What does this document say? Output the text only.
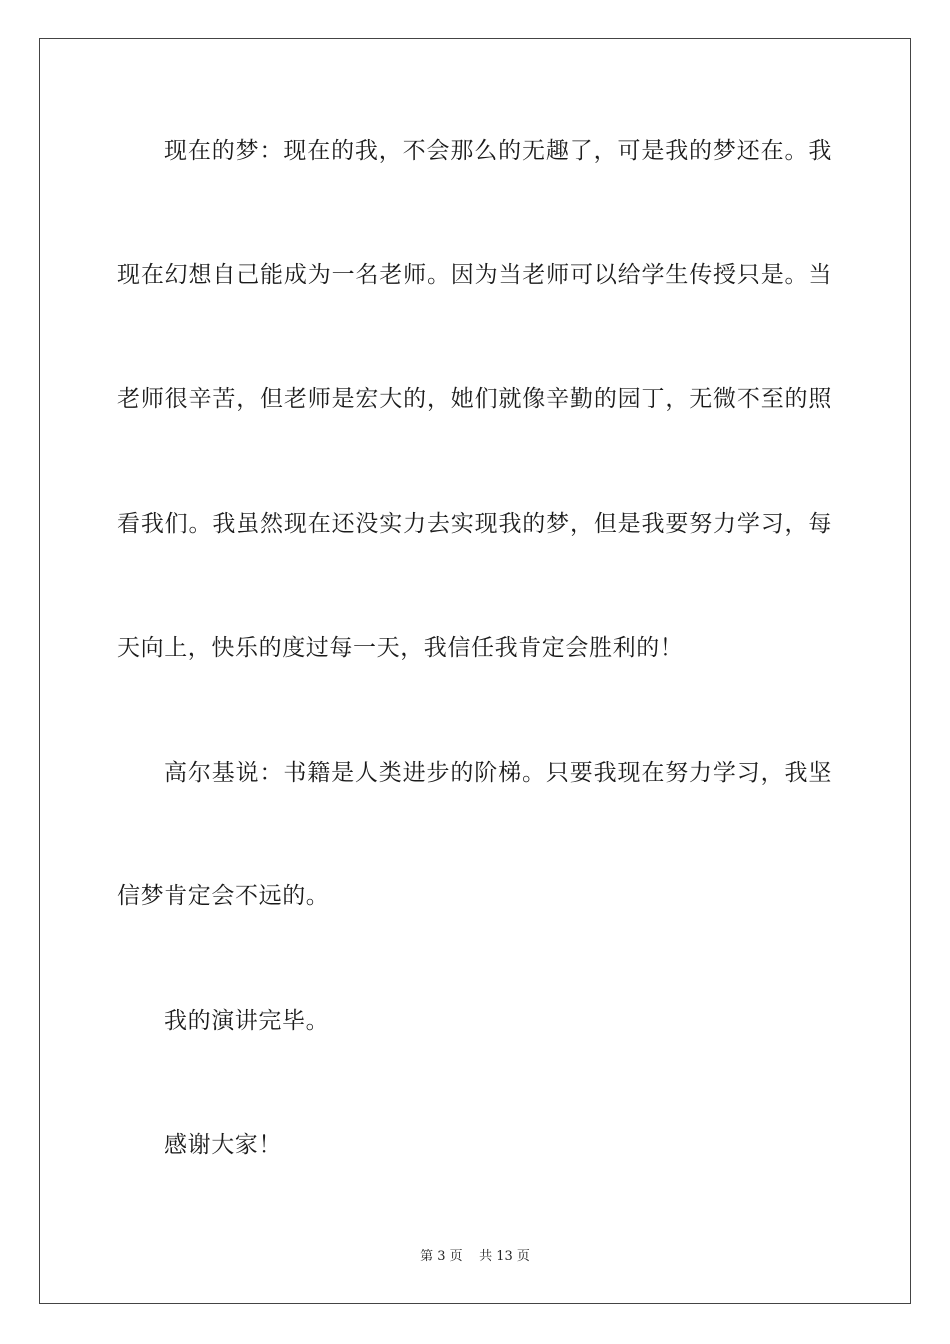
现在的梦：现在的我，不会那么的无趣了，可是我的梦还在。我
现在幻想自己能成为一名老师。因为当老师可以给学生传授只是。当
老师很辛苦，但老师是宏大的，她们就像辛勤的园丁，无微不至的照
看我们。我虽然现在还没实力去实现我的梦，但是我要努力学习，每
天向上，快乐的度过每一天，我信任我肯定会胜利的！
高尔基说：书籍是人类进步的阶梯。只要我现在努力学习，我坚
信梦肯定会不远的。
我的演讲完毕。
感谢大家！
第 3 页    共 13 页
